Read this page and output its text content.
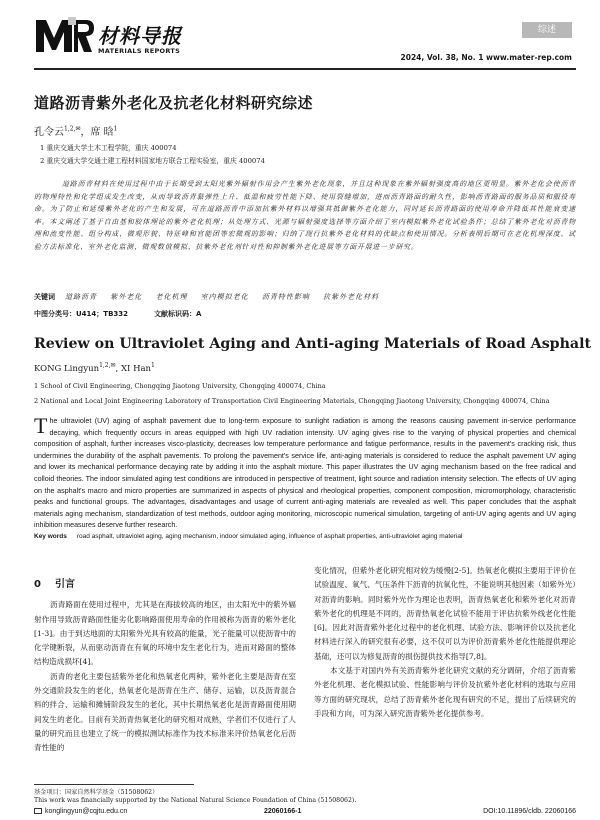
材料导报
MATERIALS REPORTS
综述
2024, Vol. 38, No. 1 www.mater-rep.com
道路沥青紫外老化及抗老化材料研究综述
孔令云$^{1,2,✉}$，席 晗$^1$
1 重庆交通大学土木工程学院，重庆 400074
2 重庆交通大学交通土建工程材料国家地方联合工程实验室，重庆 400074

道路沥青材料在使用过程中由于长期受到太阳光紫外辐射作用会产生紫外老化现象，并且这种现象在紫外辐射强度高的地区更明显。紫外老化会使沥青的物理特性和化学组成发生改变，从而导致沥青黏弹性上升、低温和疲劳性能下降、使用裂缝增加，进而沥青路面的耐久性，影响沥青路面的服务品质和服役寿命。为了防止和延缓紫外老化的产生和发展，可在道路沥青中添加抗紫外材料以增强其抵御紫外老化能力，同时延长沥青路面的使用寿命并降低其性能衰变速率。本文阐述了基于自由基和胶体理论的紫外老化机理；从处理方式、光源与辐射强度选择等方面介绍了室内模拟紫外老化试验条件；总结了紫外老化对沥青物理和流变性能、组分构成、微观形貌、特征峰和官能团等宏微观的影响；归纳了现行抗紫外老化材料的优缺点和使用情况。分析表明后期可在老化机理深度、试验方法标准化、室外老化监测、微观数值模拟、抗紫外老化剂针对性和抑制紫外老化进展等方面开展进一步研究。

关键词 道路沥青 紫外老化 老化机理 室内模拟老化 沥青特性影响 抗紫外老化材料
中图分类号：U414；TB332	文献标识码：A
Review on Ultraviolet Aging and Anti-aging Materials of Road Asphalt
KONG Lingyun$^{1,2,✉}$, XI Han$^1$
1 School of Civil Engineering, Chongqing Jiaotong University, Chongqing 400074, China
2 National and Local Joint Engineering Laboratory of Transportation Civil Engineering Materials, Chongqing Jiaotong University, Chongqing 400074, China

The ultraviolet (UV) aging of asphalt pavement due to long-term exposure to sunlight radiation is among the reasons causing pavement in-service performance decaying, which frequently occurs in areas equipped with high UV radiation intensity. UV aging gives rise to the varying of physical properties and chemical composition of asphalt, further increases visco-plasticity, decreases low temperature performance and fatigue performance, results in the pavement's cracking risk, thus undermines the durability of the asphalt pavements. To prolong the pavement's service life, anti-aging materials is considered to reduce the asphalt pavement UV aging and lower its mechanical performance decaying rate by adding it into the asphalt mixture. This paper illustrates the UV aging mechanism based on the free radical and colloid theories. The indoor simulated aging test conditions are introduced in perspective of treatment, light source and radiation intensity selection. The effects of UV aging on the asphalt's macro and micro properties are summarized in aspects of physical and rheological properties, component composition, micromorphology, characteristic peaks and functional groups. The advantages, disadvantages and usage of current anti-aging materials are revealed as well. This paper concludes that the asphalt materials aging mechanism, standardization of test methods, outdoor aging monitoring, microscopic numerical simulation, targeting of anti-UV aging agents and UV aging inhibition measures deserve further research.

Key words road asphalt, ultraviolet aging, aging mechanism, indoor simulated aging, influence of asphalt properties, anti-ultraviolet aging material
0 引言

沥青路面在使用过程中，尤其是在海拔较高的地区，由太阳光中的紫外辐射作用导致沥青路面性能劣化影响路面使用寿命的作用被称为沥青的紫外老化[1-3]。由于到达地面的太阳紫外光具有较高的能量，光子能量可以使沥青中的化学键断裂，从而驱动沥青在有氧的环境中发生老化行为，进而对路面的整体结构造成损坏[4]。

沥青的老化主要包括紫外老化和热氧老化两种，紫外老化主要是沥青在室外交通阶段发生的老化，热氧老化是沥青在生产、储存、运输，以及沥青混合料的拌合、运输和摊铺阶段发生的老化，其中长期热氧老化是沥青路面使用期间发生的老化。目前有关沥青热氧老化的研究相对成熟，学者们不仅进行了人量的研究而且也建立了统一的模拟测试标准作为技术标准来评价热氧老化后沥青性能的

变化情况，但紫外老化研究相对较为缓慢[2-5]。热氧老化模拟主要用于评价在试验温度、氧气、气压条件下沥青的抗氧化性，不能说明其他因素（如紫外光）对沥青的影响。同时紫外光作为理论也表明，沥青热氧老化和紫外老化对沥青紫外老化的机理是不同的，沥青热氧老化试验不能用于评估抗紫外线老化性能[6]。因此对沥青紫外老化过程中的老化机理、试验方法、影响评价以及抗老化材料进行深入的研究很有必要，这不仅可以为评价沥青紫外老化性能提供理论基础，还可以为修复沥青的损伤提供技术指导[7,8]。

本文基于对国内外有关沥青紫外老化研究文献的充分调研，介绍了沥青紫外老化机理、老化模拟试验、性能影响与评价及抗紫外老化材料的选取与应用等方面的研究现状，总结了沥青紫外老化现有研究的不足，提出了后续研究的手段和方向，可为深入研究沥青紫外老化提供参考。

基金项目：国家自然科学基金（51508062）
This work was financially supported by the National Natural Science Foundation of China (51508062).
konglingyun@cqjtu.edu.cn	22060166-1	DOI:10.11896/cldb. 22060166
